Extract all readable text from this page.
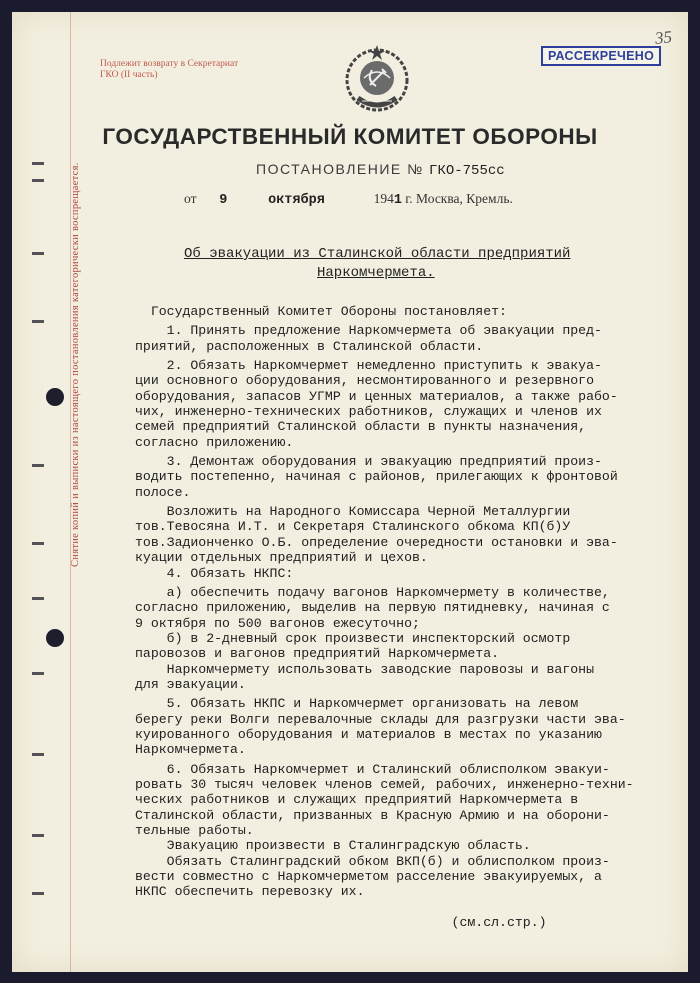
Снятие копий и выписки из настоящего постановления категорически воспрещается.
Подлежит возврату в Секретариат
ГКО (II часть)
РАССЕКРЕЧЕНО
35
ГОСУДАРСТВЕННЫЙ КОМИТЕТ ОБОРОНЫ
ПОСТАНОВЛЕНИЕ № ГКО-755сс
от 9	октября	1941 г. Москва, Кремль.
Об эвакуации из Сталинской области предприятий
Наркомчермета.
Государственный Комитет Обороны постановляет:
1. Принять предложение Наркомчермета об эвакуации пред-
приятий, расположенных в Сталинской области.
2. Обязать Наркомчермет немедленно приступить к эвакуа-
ции основного оборудования, несмонтированного и резервного
оборудования, запасов УГМР и ценных материалов, а также рабо-
чих, инженерно-технических работников, служащих и членов их
семей предприятий Сталинской области в пункты назначения,
согласно приложению.
3. Демонтаж оборудования и эвакуацию предприятий произ-
водить постепенно, начиная с районов, прилегающих к фронтовой
полосе.
Возложить на Народного Комиссара Черной Металлургии
тов.Тевосяна И.Т. и Секретаря Сталинского обкома КП(б)У
тов.Задионченко О.Б. определение очередности остановки и эва-
куации отдельных предприятий и цехов.
4. Обязать НКПС:
а) обеспечить подачу вагонов Наркомчермету в количестве,
согласно приложению, выделив на первую пятидневку, начиная с
9 октября по 500 вагонов ежесуточно;
б) в 2-дневный срок произвести инспекторский осмотр
паровозов и вагонов предприятий Наркомчермета.
Наркомчермету использовать заводские паровозы и вагоны
для эвакуации.
5. Обязать НКПС и Наркомчермет организовать на левом
берегу реки Волги перевалочные склады для разгрузки части эва-
куированного оборудования и материалов в местах по указанию
Наркомчермета.
6. Обязать Наркомчермет и Сталинский облисполком эвакуи-
ровать 30 тысяч человек членов семей, рабочих, инженерно-техни-
ческих работников и служащих предприятий Наркомчермета в
Сталинской области, призванных в Красную Армию и на оборони-
тельные работы.
Эвакуацию произвести в Сталинградскую область.
Обязать Сталинградский обком ВКП(б) и облисполком произ-
вести совместно с Наркомчерметом расселение эвакуируемых, а
НКПС обеспечить перевозку их.
(см.сл.стр.)
